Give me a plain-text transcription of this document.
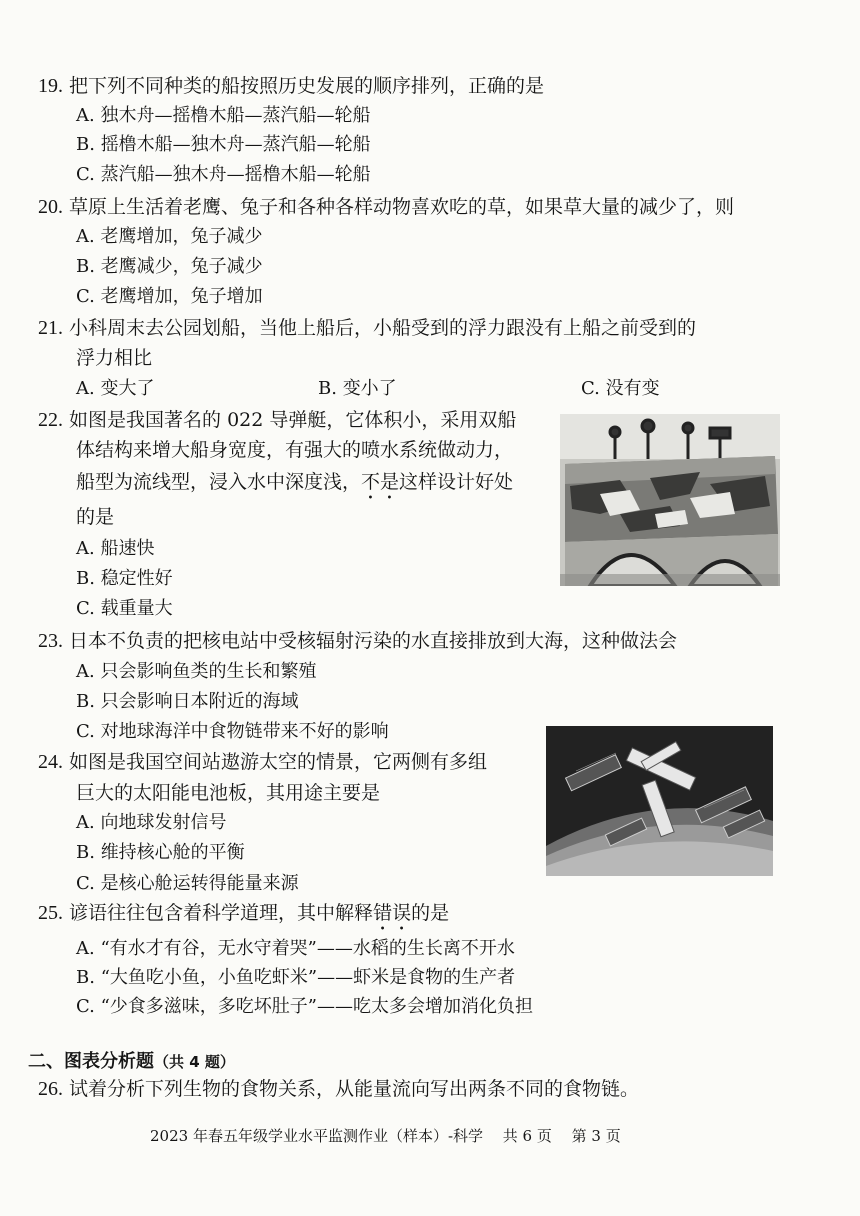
19. 把下列不同种类的船按照历史发展的顺序排列，正确的是
A. 独木舟—摇橹木船—蒸汽船—轮船
B. 摇橹木船—独木舟—蒸汽船—轮船
C. 蒸汽船—独木舟—摇橹木船—轮船
20. 草原上生活着老鹰、兔子和各种各样动物喜欢吃的草，如果草大量的减少了，则
A. 老鹰增加，兔子减少
B. 老鹰减少，兔子减少
C. 老鹰增加，兔子增加
21. 小科周末去公园划船，当他上船后，小船受到的浮力跟没有上船之前受到的
浮力相比
A. 变大了	B. 变小了	C. 没有变
22. 如图是我国著名的 022 导弹艇，它体积小，采用双船
体结构来增大船身宽度，有强大的喷水系统做动力，
船型为流线型，浸入水中深度浅，不是这样设计好处
的是
A. 船速快
B. 稳定性好
C. 载重量大
23. 日本不负责的把核电站中受核辐射污染的水直接排放到大海，这种做法会
A. 只会影响鱼类的生长和繁殖
B. 只会影响日本附近的海域
C. 对地球海洋中食物链带来不好的影响
24. 如图是我国空间站遨游太空的情景，它两侧有多组
巨大的太阳能电池板，其用途主要是
A. 向地球发射信号
B. 维持核心舱的平衡
C. 是核心舱运转得能量来源
25. 谚语往往包含着科学道理，其中解释错误的是
A. “有水才有谷，无水守着哭”——水稻的生长离不开水
B. “大鱼吃小鱼，小鱼吃虾米”——虾米是食物的生产者
C. “少食多滋味，多吃坏肚子”——吃太多会增加消化负担
二、图表分析题（共 4 题）
26. 试着分析下列生物的食物关系，从能量流向写出两条不同的食物链。
2023 年春五年级学业水平监测作业（样本）-科学　 共 6 页　 第 3 页
